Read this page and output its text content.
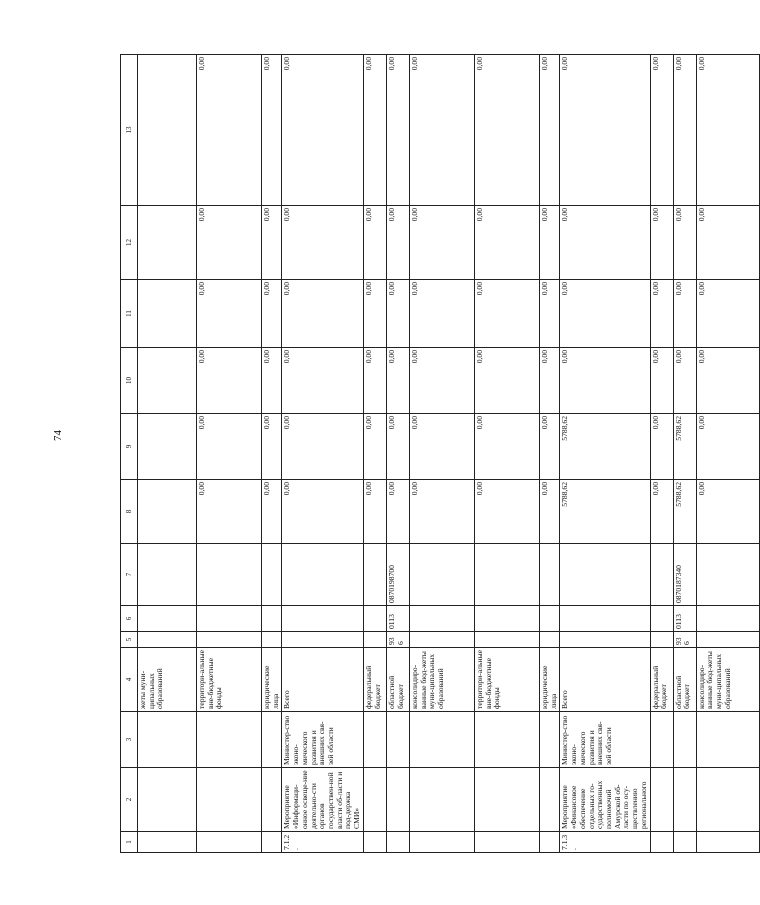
74
1	2	3	4	5	6	7	8	9	10	11	12	13
			жеты муни-ципальных образований									
			территори-альные вне-бюджетные фонды				0,00	0,00	0,00	0,00	0,00	0,00
			юридические лица				0,00	0,00	0,00	0,00	0,00	0,00
7.1.2.	Мероприятие «Информаци-онное освеще-ние деятельно-сти органов государствен-ной власти об-ласти и под-держка СМИ»	Министер-ство эконо-мического развития и внешних свя-зей области	Всего				0,00	0,00	0,00	0,00	0,00	0,00
			федеральный бюджет				0,00	0,00	0,00	0,00	0,00	0,00
			областной бюджет	936	0113	0870198700	0,00	0,00	0,00	0,00	0,00	0,00
			консолидиро-ванные бюд-жеты муни-ципальных образований				0,00	0,00	0,00	0,00	0,00	0,00
			территори-альные вне-бюджетные фонды				0,00	0,00	0,00	0,00	0,00	0,00
			юридические лица				0,00	0,00	0,00	0,00	0,00	0,00
7.1.3.	Мероприятие «Финансовое обеспечение отдельных го-сударственных полномочий Амурской об-ласти по осу-ществлению регионального	Министер-ство эконо-мического развития и внешних свя-зей области	Всего				5788,62	5788,62	0,00	0,00	0,00	0,00
			федеральный бюджет				0,00	0,00	0,00	0,00	0,00	0,00
			областной бюджет	936	0113	0870187340	5788,62	5788,62	0,00	0,00	0,00	0,00
			консолидиро-ванные бюд-жеты муни-ципальных образований				0,00	0,00	0,00	0,00	0,00	0,00
